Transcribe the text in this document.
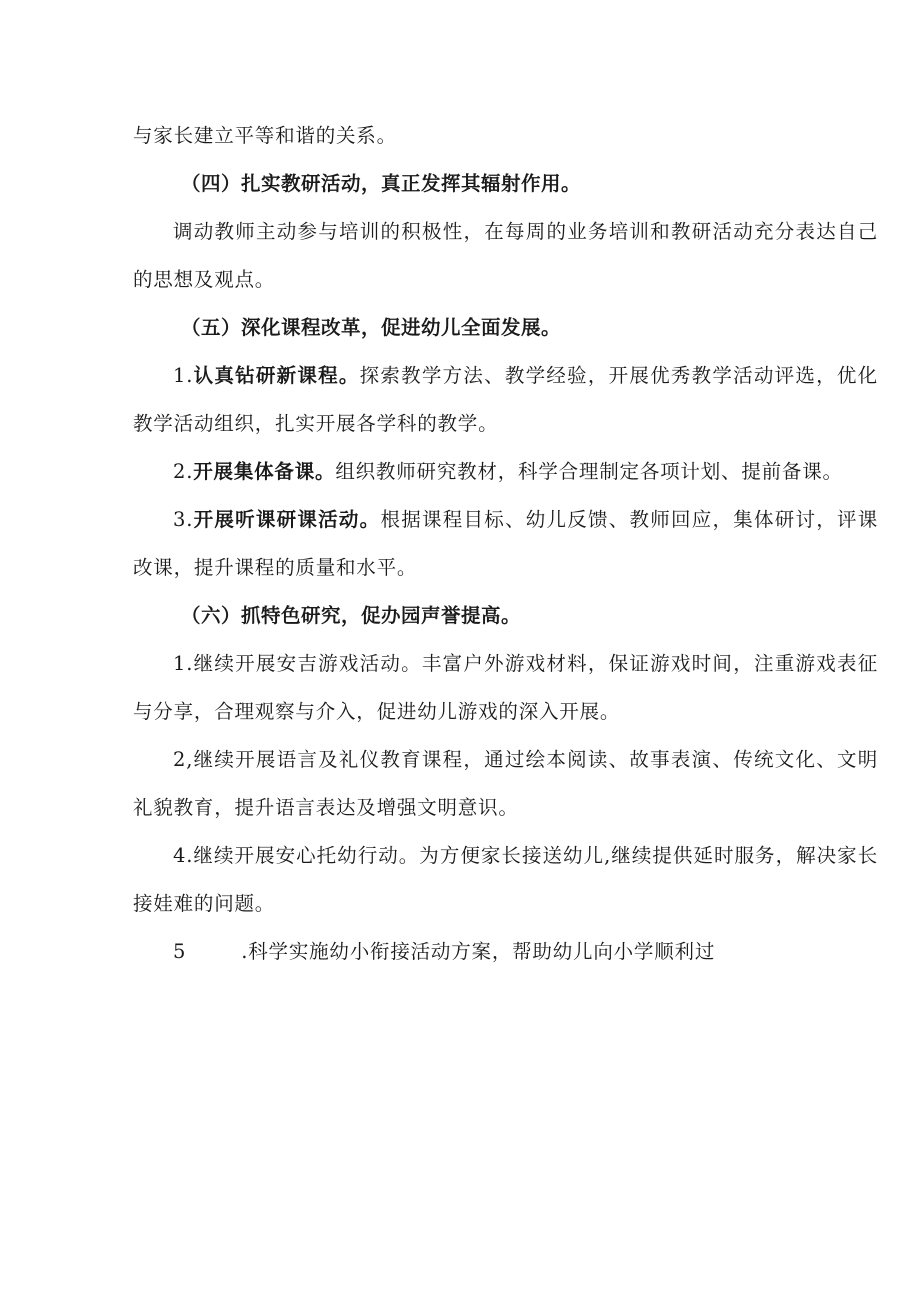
与家长建立平等和谐的关系。

（四）扎实教研活动，真正发挥其辐射作用。

调动教师主动参与培训的积极性，在每周的业务培训和教研活动充分表达自己的思想及观点。

（五）深化课程改革，促进幼儿全面发展。

1.认真钻研新课程。探索教学方法、教学经验，开展优秀教学活动评选，优化教学活动组织，扎实开展各学科的教学。

2.开展集体备课。组织教师研究教材，科学合理制定各项计划、提前备课。

3.开展听课研课活动。根据课程目标、幼儿反馈、教师回应，集体研讨，评课改课，提升课程的质量和水平。

（六）抓特色研究，促办园声誉提高。

1.继续开展安吉游戏活动。丰富户外游戏材料，保证游戏时间，注重游戏表征与分享，合理观察与介入，促进幼儿游戏的深入开展。

2,继续开展语言及礼仪教育课程，通过绘本阅读、故事表演、传统文化、文明礼貌教育，提升语言表达及增强文明意识。

4.继续开展安心托幼行动。为方便家长接送幼儿,继续提供延时服务，解决家长接娃难的问题。

5	.科学实施幼小衔接活动方案，帮助幼儿向小学顺利过
